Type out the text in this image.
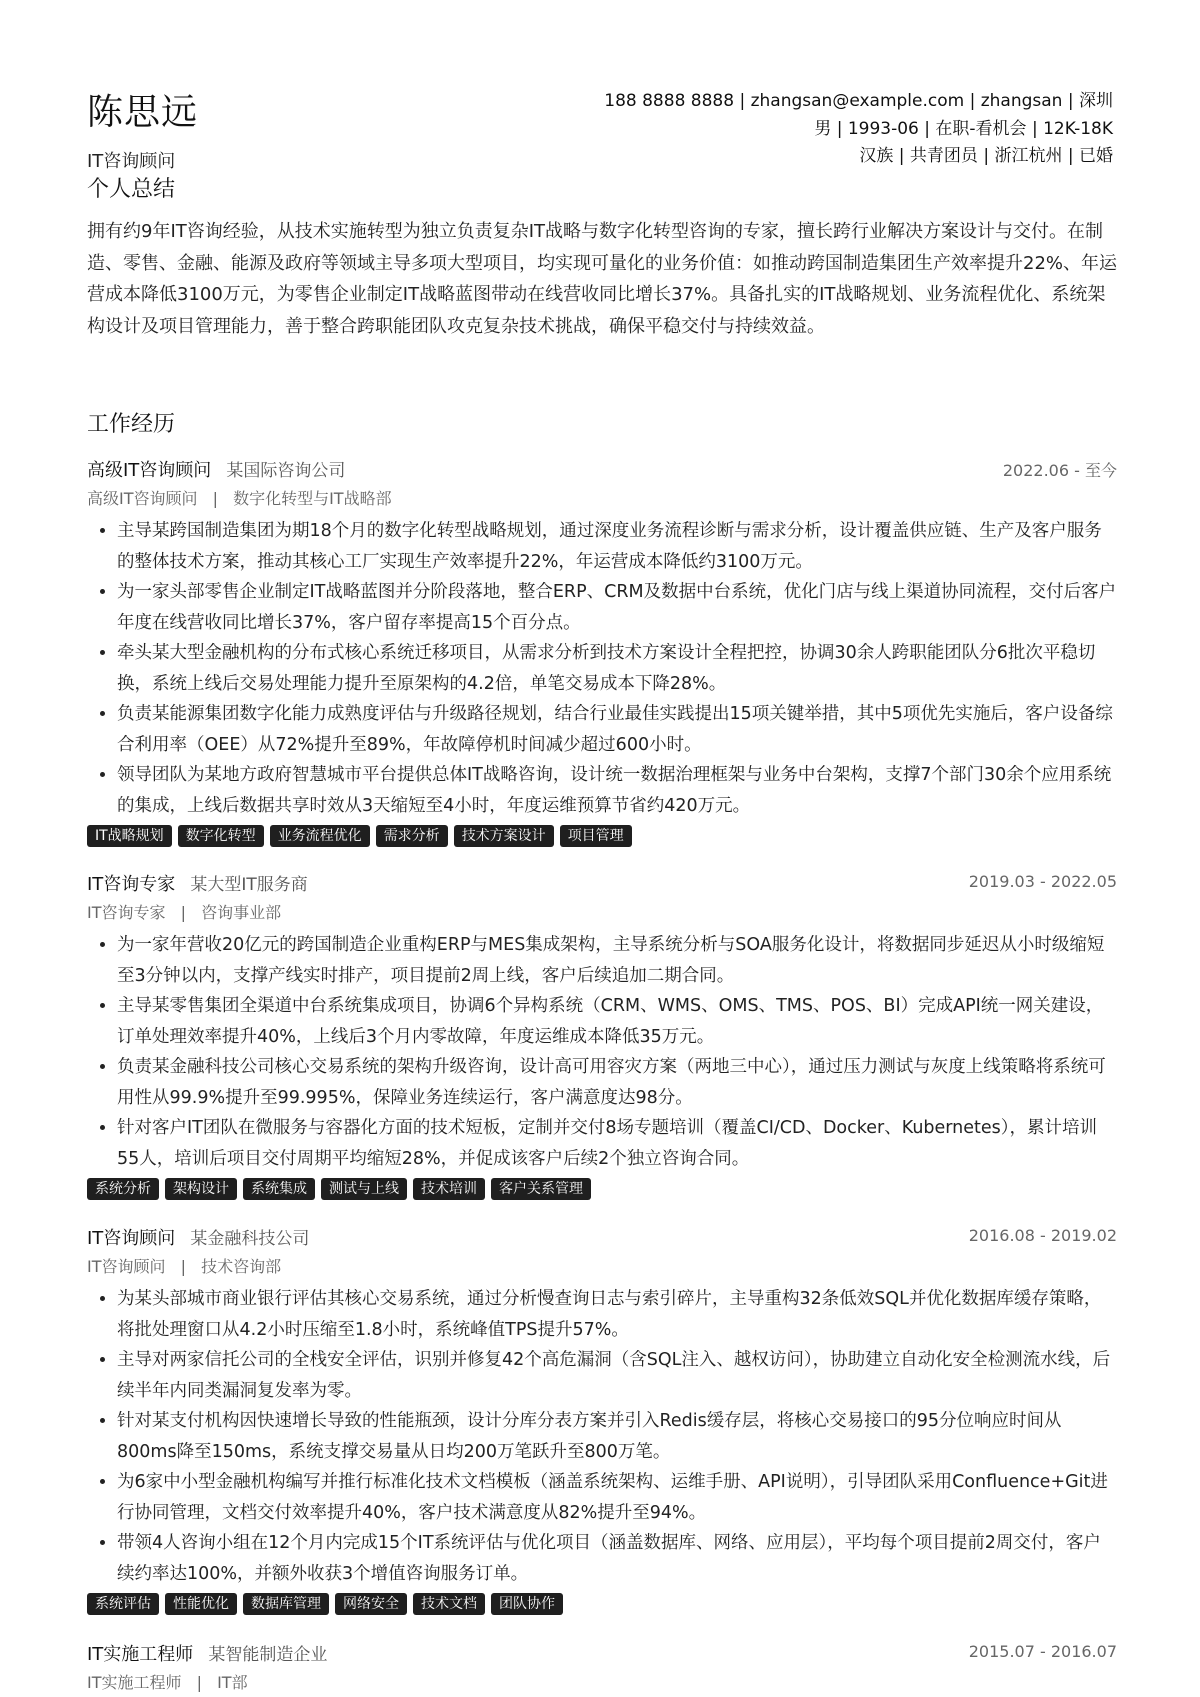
陈思远
IT咨询顾问
188 8888 8888 | zhangsan@example.com | zhangsan | 深圳
男 | 1993-06 | 在职-看机会 | 12K-18K
汉族 | 共青团员 | 浙江杭州 | 已婚
个人总结
拥有约9年IT咨询经验，从技术实施转型为独立负责复杂IT战略与数字化转型咨询的专家，擅长跨行业解决方案设计与交付。在制造、零售、金融、能源及政府等领域主导多项大型项目，均实现可量化的业务价值：如推动跨国制造集团生产效率提升22%、年运营成本降低3100万元，为零售企业制定IT战略蓝图带动在线营收同比增长37%。具备扎实的IT战略规划、业务流程优化、系统架构设计及项目管理能力，善于整合跨职能团队攻克复杂技术挑战，确保平稳交付与持续效益。
工作经历
高级IT咨询顾问 某国际咨询公司	2022.06 - 至今
高级IT咨询顾问 | 数字化转型与IT战略部
• 主导某跨国制造集团为期18个月的数字化转型战略规划，通过深度业务流程诊断与需求分析，设计覆盖供应链、生产及客户服务的整体技术方案，推动其核心工厂实现生产效率提升22%，年运营成本降低约3100万元。
• 为一家头部零售企业制定IT战略蓝图并分阶段落地，整合ERP、CRM及数据中台系统，优化门店与线上渠道协同流程，交付后客户年度在线营收同比增长37%，客户留存率提高15个百分点。
• 牵头某大型金融机构的分布式核心系统迁移项目，从需求分析到技术方案设计全程把控，协调30余人跨职能团队分6批次平稳切换，系统上线后交易处理能力提升至原架构的4.2倍，单笔交易成本下降28%。
• 负责某能源集团数字化能力成熟度评估与升级路径规划，结合行业最佳实践提出15项关键举措，其中5项优先实施后，客户设备综合利用率（OEE）从72%提升至89%，年故障停机时间减少超过600小时。
• 领导团队为某地方政府智慧城市平台提供总体IT战略咨询，设计统一数据治理框架与业务中台架构，支撑7个部门30余个应用系统的集成，上线后数据共享时效从3天缩短至4小时，年度运维预算节省约420万元。
IT战略规划	数字化转型	业务流程优化	需求分析	技术方案设计	项目管理
IT咨询专家 某大型IT服务商	2019.03 - 2022.05
IT咨询专家 | 咨询事业部
• 为一家年营收20亿元的跨国制造企业重构ERP与MES集成架构，主导系统分析与SOA服务化设计，将数据同步延迟从小时级缩短至3分钟以内，支撑产线实时排产，项目提前2周上线，客户后续追加二期合同。
• 主导某零售集团全渠道中台系统集成项目，协调6个异构系统（CRM、WMS、OMS、TMS、POS、BI）完成API统一网关建设，订单处理效率提升40%，上线后3个月内零故障，年度运维成本降低35万元。
• 负责某金融科技公司核心交易系统的架构升级咨询，设计高可用容灾方案（两地三中心），通过压力测试与灰度上线策略将系统可用性从99.9%提升至99.995%，保障业务连续运行，客户满意度达98分。
• 针对客户IT团队在微服务与容器化方面的技术短板，定制并交付8场专题培训（覆盖CI/CD、Docker、Kubernetes），累计培训55人，培训后项目交付周期平均缩短28%，并促成该客户后续2个独立咨询合同。
系统分析	架构设计	系统集成	测试与上线	技术培训	客户关系管理
IT咨询顾问 某金融科技公司	2016.08 - 2019.02
IT咨询顾问 | 技术咨询部
• 为某头部城市商业银行评估其核心交易系统，通过分析慢查询日志与索引碎片，主导重构32条低效SQL并优化数据库缓存策略，将批处理窗口从4.2小时压缩至1.8小时，系统峰值TPS提升57%。
• 主导对两家信托公司的全栈安全评估，识别并修复42个高危漏洞（含SQL注入、越权访问），协助建立自动化安全检测流水线，后续半年内同类漏洞复发率为零。
• 针对某支付机构因快速增长导致的性能瓶颈，设计分库分表方案并引入Redis缓存层，将核心交易接口的95分位响应时间从800ms降至150ms，系统支撑交易量从日均200万笔跃升至800万笔。
• 为6家中小型金融机构编写并推行标准化技术文档模板（涵盖系统架构、运维手册、API说明），引导团队采用Confluence+Git进行协同管理，文档交付效率提升40%，客户技术满意度从82%提升至94%。
• 带领4人咨询小组在12个月内完成15个IT系统评估与优化项目（涵盖数据库、网络、应用层），平均每个项目提前2周交付，客户续约率达100%，并额外收获3个增值咨询服务订单。
系统评估	性能优化	数据库管理	网络安全	技术文档	团队协作
IT实施工程师 某智能制造企业	2015.07 - 2016.07
IT实施工程师 | IT部
